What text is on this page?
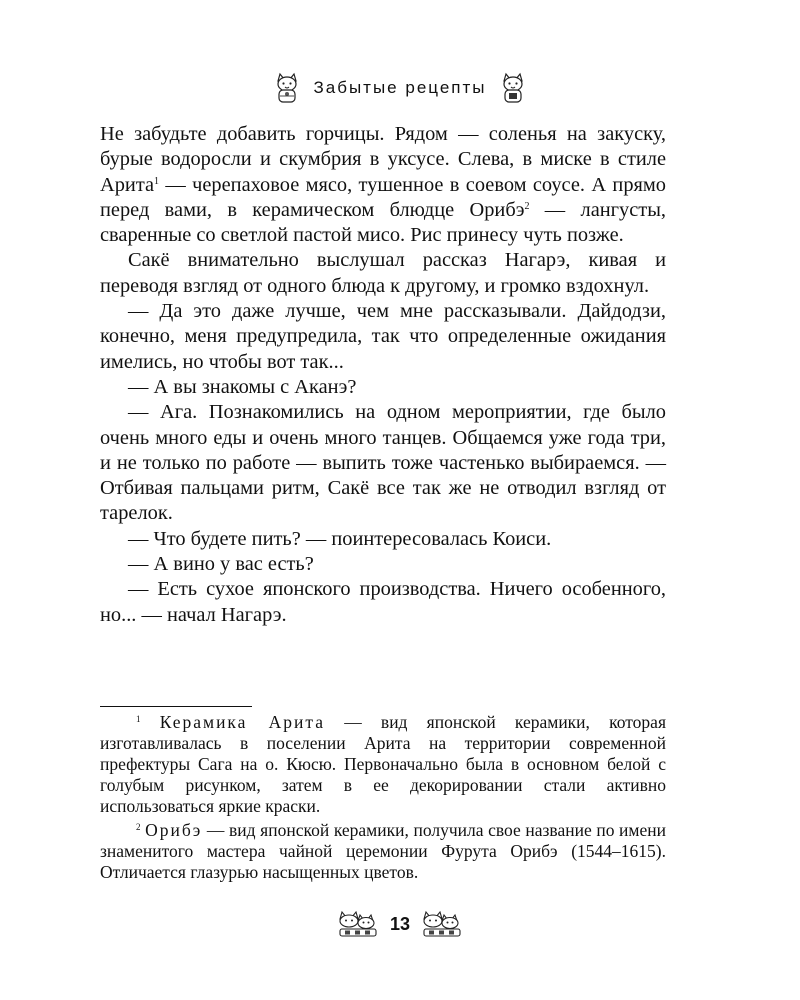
Забытые рецепты

Не забудьте добавить горчицы. Рядом — соленья на закуску, бурые водоросли и скумбрия в уксусе. Слева, в миске в стиле Арита$^1$ — черепаховое мясо, тушенное в соевом соусе. А прямо перед вами, в керамическом блюдце Орибэ$^2$ — лангусты, сваренные со светлой пастой мисо. Рис принесу чуть позже.

Сакё внимательно выслушал рассказ Нагарэ, кивая и переводя взгляд от одного блюда к другому, и громко вздохнул.

— Да это даже лучше, чем мне рассказывали. Дайдодзи, конечно, меня предупредила, так что определенные ожидания имелись, но чтобы вот так...

— А вы знакомы с Аканэ?

— Ага. Познакомились на одном мероприятии, где было очень много еды и очень много танцев. Общаемся уже года три, и не только по работе — выпить тоже частенько выбираемся. — Отбивая пальцами ритм, Сакё все так же не отводил взгляд от тарелок.

— Что будете пить? — поинтересовалась Коиси.

— А вино у вас есть?

— Есть сухое японского производства. Ничего особенного, но... — начал Нагарэ.

$^1$ Керамика Арита — вид японской керамики, которая изготавливалась в поселении Арита на территории современной префектуры Сага на о. Кюсю. Первоначально была в основном белой с голубым рисунком, затем в ее декорировании стали активно использоваться яркие краски.

$^2$ Орибэ — вид японской керамики, получила свое название по имени знаменитого мастера чайной церемонии Фурута Орибэ (1544–1615). Отличается глазурью насыщенных цветов.

13
